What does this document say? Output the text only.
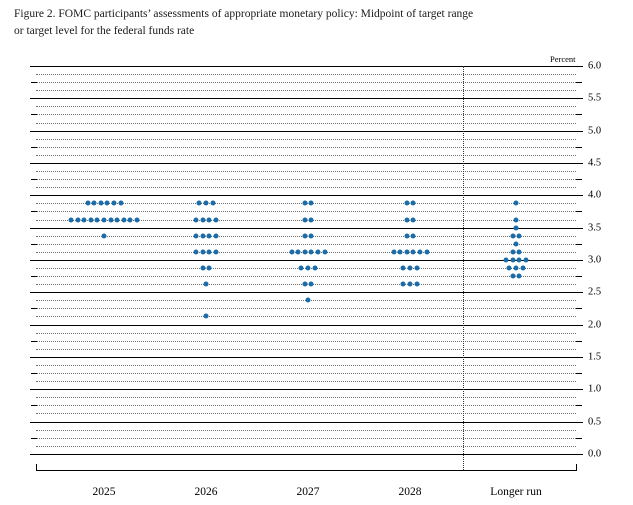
Figure 2. FOMC participants’ assessments of appropriate monetary policy: Midpoint of target range
or target level for the federal funds rate
Percent
6.0
5.5
5.0
4.5
4.0
3.5
3.0
2.5
2.0
1.5
1.0
0.5
0.0
2025	2026	2027	2028	Longer run
